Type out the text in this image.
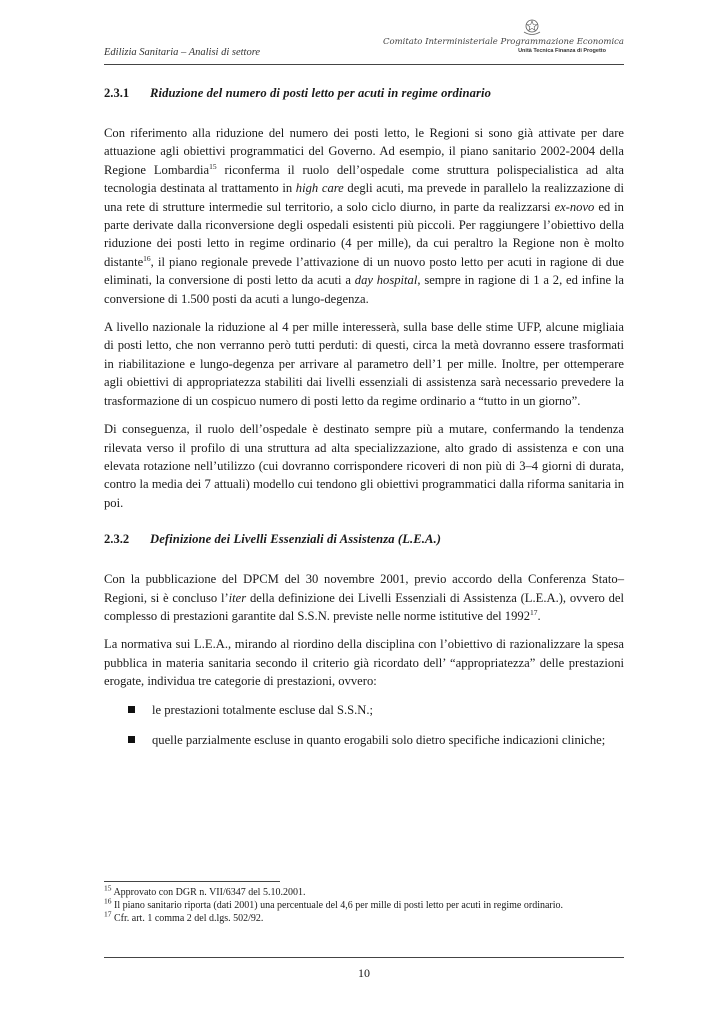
Edilizia Sanitaria – Analisi di settore
Comitato Interministeriale Programmazione Economica
Unità Tecnica Finanza di Progetto
2.3.1 Riduzione del numero di posti letto per acuti in regime ordinario

Con riferimento alla riduzione del numero dei posti letto, le Regioni si sono già attivate per dare attuazione agli obiettivi programmatici del Governo. Ad esempio, il piano sanitario 2002-2004 della Regione Lombardia$^{15}$ riconferma il ruolo dell’ospedale come struttura polispecialistica ad alta tecnologia destinata al trattamento in high care degli acuti, ma prevede in parallelo la realizzazione di una rete di strutture intermedie sul territorio, a solo ciclo diurno, in parte da realizzarsi ex-novo ed in parte derivate dalla riconversione degli ospedali esistenti più piccoli. Per raggiungere l’obiettivo della riduzione dei posti letto in regime ordinario (4 per mille), da cui peraltro la Regione non è molto distante$^{16}$, il piano regionale prevede l’attivazione di un nuovo posto letto per acuti in ragione di due eliminati, la conversione di posti letto da acuti a day hospital, sempre in ragione di 1 a 2, ed infine la conversione di 1.500 posti da acuti a lungo-degenza.

A livello nazionale la riduzione al 4 per mille interesserà, sulla base delle stime UFP, alcune migliaia di posti letto, che non verranno però tutti perduti: di questi, circa la metà dovranno essere trasformati in riabilitazione e lungo-degenza per arrivare al parametro dell’1 per mille. Inoltre, per ottemperare agli obiettivi di appropriatezza stabiliti dai livelli essenziali di assistenza sarà necessario prevedere la trasformazione di un cospicuo numero di posti letto da regime ordinario a “tutto in un giorno”.

Di conseguenza, il ruolo dell’ospedale è destinato sempre più a mutare, confermando la tendenza rilevata verso il profilo di una struttura ad alta specializzazione, alto grado di assistenza e con una elevata rotazione nell’utilizzo (cui dovranno corrispondere ricoveri di non più di 3–4 giorni di durata, contro la media dei 7 attuali) modello cui tendono gli obiettivi programmatici dalla riforma sanitaria in poi.

2.3.2 Definizione dei Livelli Essenziali di Assistenza (L.E.A.)

Con la pubblicazione del DPCM del 30 novembre 2001, previo accordo della Conferenza Stato–Regioni, si è concluso l’iter della definizione dei Livelli Essenziali di Assistenza (L.E.A.), ovvero del complesso di prestazioni garantite dal S.S.N. previste nelle norme istitutive del 1992$^{17}$.

La normativa sui L.E.A., mirando al riordino della disciplina con l’obiettivo di razionalizzare la spesa pubblica in materia sanitaria secondo il criterio già ricordato dell’ “appropriatezza” delle prestazioni erogate, individua tre categorie di prestazioni, ovvero:

le prestazioni totalmente escluse dal S.S.N.;
quelle parzialmente escluse in quanto erogabili solo dietro specifiche indicazioni cliniche;
$^{15}$ Approvato con DGR n. VII/6347 del 5.10.2001.
$^{16}$ Il piano sanitario riporta (dati 2001) una percentuale del 4,6 per mille di posti letto per acuti in regime ordinario.
$^{17}$ Cfr. art. 1 comma 2 del d.lgs. 502/92.
10
